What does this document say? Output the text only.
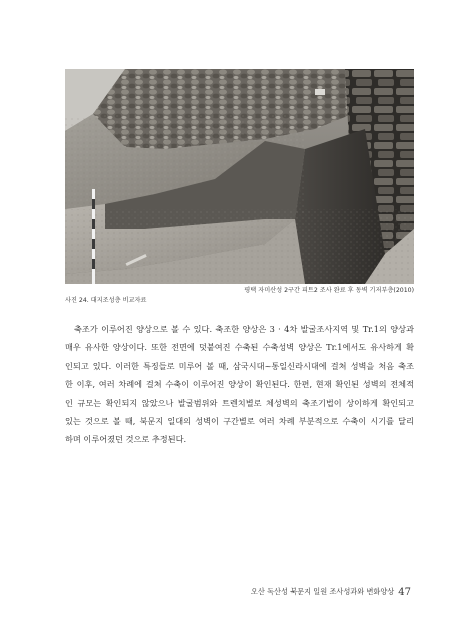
평택 자미산성 2구간 피트2 조사 완료 후 동벽 기저부층(2010)
사진 24. 대지조성층 비교자료
축조가 이루어진 양상으로 볼 수 있다. 축조한 양상은 3 · 4차 발굴조사지역 및 Tr.1의 양상과
매우 유사한 양상이다. 또한 전면에 덧붙여진 수축된 수축성벽 양상은 Tr.1에서도 유사하게 확
인되고 있다. 이러한 특징들로 미루어 볼 때, 삼국시대~통일신라시대에 걸쳐 성벽을 처음 축조
한 이후, 여러 차례에 걸쳐 수축이 이루어진 양상이 확인된다. 한편, 현재 확인된 성벽의 전체적
인 규모는 확인되지 않았으나 발굴범위와 트렌치별로 체성벽의 축조기법이 상이하게 확인되고
있는 것으로 볼 때, 북문지 일대의 성벽이 구간별로 여러 차례 부분적으로 수축이 시기를 달리
하며 이루어졌던 것으로 추정된다.
오산 독산성 북문지 일원 조사성과와 변화양상 47
